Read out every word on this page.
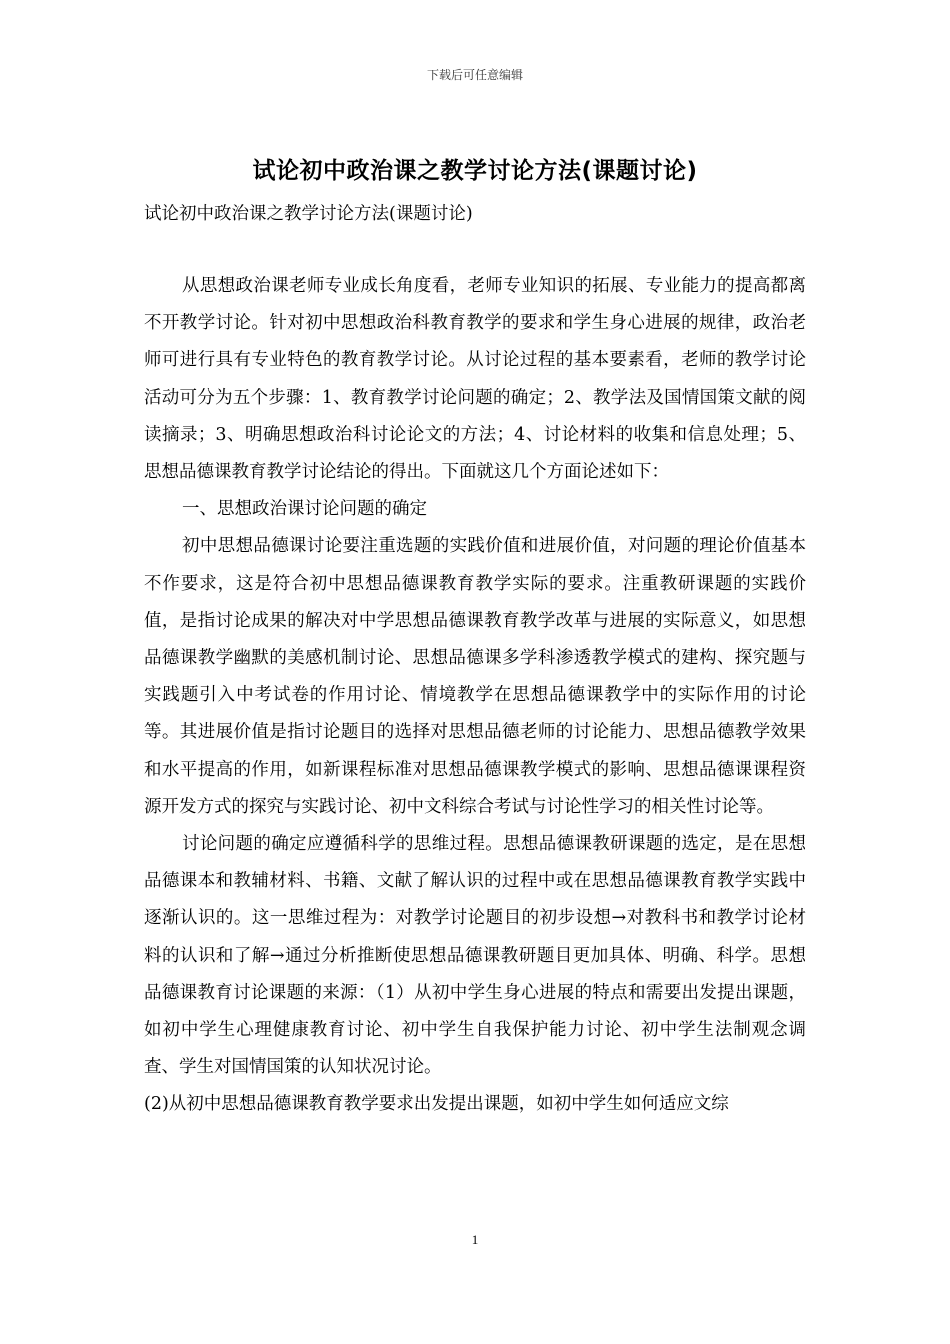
下载后可任意编辑
试论初中政治课之教学讨论方法(课题讨论)
试论初中政治课之教学讨论方法(课题讨论)

从思想政治课老师专业成长角度看，老师专业知识的拓展、专业能力的提高都离不开教学讨论。针对初中思想政治科教育教学的要求和学生身心进展的规律，政治老师可进行具有专业特色的教育教学讨论。从讨论过程的基本要素看，老师的教学讨论活动可分为五个步骤：1、教育教学讨论问题的确定；2、教学法及国情国策文献的阅读摘录；3、明确思想政治科讨论论文的方法；4、讨论材料的收集和信息处理；5、思想品德课教育教学讨论结论的得出。下面就这几个方面论述如下：

一、思想政治课讨论问题的确定

初中思想品德课讨论要注重选题的实践价值和进展价值，对问题的理论价值基本不作要求，这是符合初中思想品德课教育教学实际的要求。注重教研课题的实践价值，是指讨论成果的解决对中学思想品德课教育教学改革与进展的实际意义，如思想品德课教学幽默的美感机制讨论、思想品德课多学科渗透教学模式的建构、探究题与实践题引入中考试卷的作用讨论、情境教学在思想品德课教学中的实际作用的讨论等。其进展价值是指讨论题目的选择对思想品德老师的讨论能力、思想品德教学效果和水平提高的作用，如新课程标准对思想品德课教学模式的影响、思想品德课课程资源开发方式的探究与实践讨论、初中文科综合考试与讨论性学习的相关性讨论等。

讨论问题的确定应遵循科学的思维过程。思想品德课教研课题的选定，是在思想品德课本和教辅材料、书籍、文献了解认识的过程中或在思想品德课教育教学实践中逐渐认识的。这一思维过程为：对教学讨论题目的初步设想→对教科书和教学讨论材料的认识和了解→通过分析推断使思想品德课教研题目更加具体、明确、科学。思想品德课教育讨论课题的来源：（1）从初中学生身心进展的特点和需要出发提出课题，如初中学生心理健康教育讨论、初中学生自我保护能力讨论、初中学生法制观念调查、学生对国情国策的认知状况讨论。

(2)从初中思想品德课教育教学要求出发提出课题，如初中学生如何适应文综

1
